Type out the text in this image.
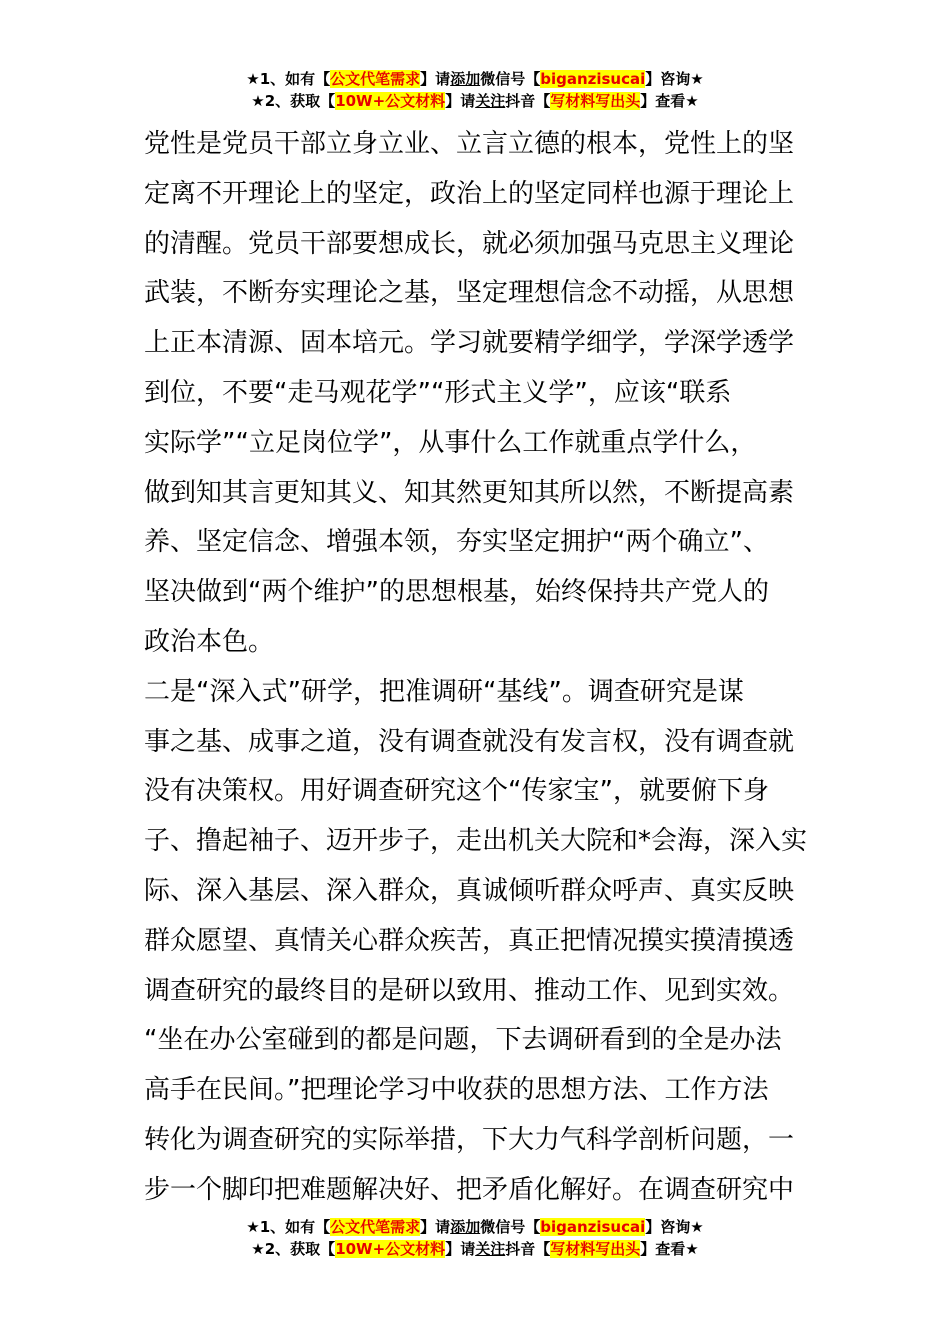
★1、如有【公文代笔需求】请添加微信号【biganzisucai】咨询★
★2、获取【10W+公文材料】请关注抖音【写材料写出头】查看★
党性是党员干部立身立业、立言立德的根本，党性上的坚
定离不开理论上的坚定，政治上的坚定同样也源于理论上
的清醒。党员干部要想成长，就必须加强马克思主义理论
武装，不断夯实理论之基，坚定理想信念不动摇，从思想
上正本清源、固本培元。学习就要精学细学，学深学透学
到位，不要“走马观花学”“形式主义学”，应该“联系
实际学”“立足岗位学”，从事什么工作就重点学什么，
做到知其言更知其义、知其然更知其所以然，不断提高素
养、坚定信念、增强本领，夯实坚定拥护“两个确立”、
坚决做到“两个维护”的思想根基，始终保持共产党人的
政治本色。
二是“深入式”研学，把准调研“基线”。调查研究是谋
事之基、成事之道，没有调查就没有发言权，没有调查就
没有决策权。用好调查研究这个“传家宝”，就要俯下身
子、撸起袖子、迈开步子，走出机关大院和*会海，深入实
际、深入基层、深入群众，真诚倾听群众呼声、真实反映
群众愿望、真情关心群众疾苦，真正把情况摸实摸清摸透
调查研究的最终目的是研以致用、推动工作、见到实效。
“坐在办公室碰到的都是问题，下去调研看到的全是办法
高手在民间。”把理论学习中收获的思想方法、工作方法
转化为调查研究的实际举措，下大力气科学剖析问题，一
步一个脚印把难题解决好、把矛盾化解好。在调查研究中
★1、如有【公文代笔需求】请添加微信号【biganzisucai】咨询★
★2、获取【10W+公文材料】请关注抖音【写材料写出头】查看★
